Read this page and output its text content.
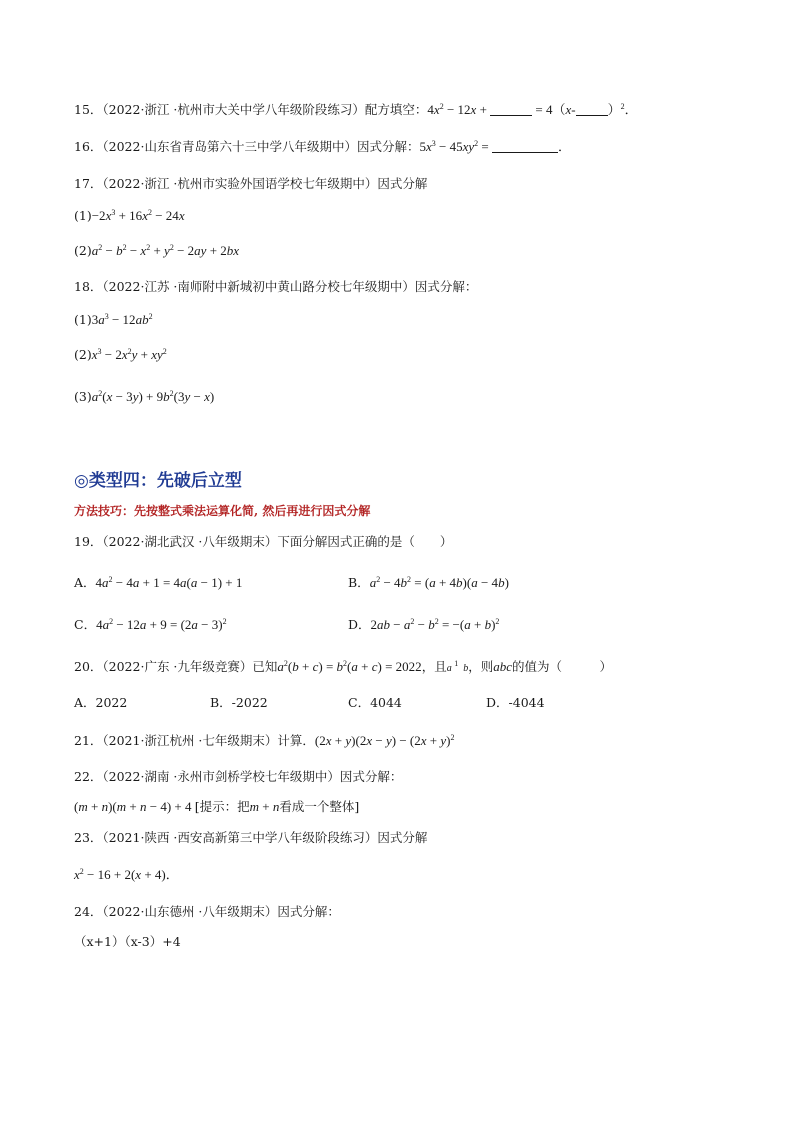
15．（2022·浙江 ·杭州市大关中学八年级阶段练习）配方填空：$4x^2 - 12x$ +	= 4（x- ）$^2$．
16．（2022·山东省青岛第六十三中学八年级期中）因式分解：$5x^3 - 45xy^2$ =	．
17．（2022·浙江 ·杭州市实验外国语学校七年级期中）因式分解
$(1)-2x^3 + 16x^2 - 24x$
$(2)a^2 - b^2 - x^2 + y^2 - 2ay + 2bx$
18．（2022·江苏 ·南师附中新城初中黄山路分校七年级期中）因式分解：
$(1)3a^3 - 12ab^2$
$(2)x^3 - 2x^2y + xy^2$
$(3)a^2(x - 3y) + 9b^2(3y - x)$
◎类型四：先破后立型
方法技巧：先按整式乘法运算化简, 然后再进行因式分解
19．（2022·湖北武汉 ·八年级期末）下面分解因式正确的是（　　）
A．$4a^2 - 4a + 1 = 4a(a - 1) + 1$	B．$a^2 - 4b^2 = (a + 4b)(a - 4b)$
C．$4a^2 - 12a + 9 = (2a - 3)^2$	D．$2ab - a^2 - b^2 = -(a + b)^2$
20．（2022·广东 ·九年级竞赛）已知$a^2(b + c) = b^2(a + c) = 2022$，且a $^1$ b，则abc的值为（　　　）
A．2022	B．-2022	C．4044	D．-4044
21．（2021·浙江杭州 ·七年级期末）计算．$(2x + y)(2x - y) - (2x + y)^2$
22．（2022·湖南 ·永州市剑桥学校七年级期中）因式分解：
(m + n)(m + n − 4) + 4 [提示：把m + n看成一个整体]
23．（2021·陕西 ·西安高新第三中学八年级阶段练习）因式分解
$x^2 - 16 + 2(x + 4)$．
24．（2022·山东德州 ·八年级期末）因式分解：
（x+1）（x-3）+4
